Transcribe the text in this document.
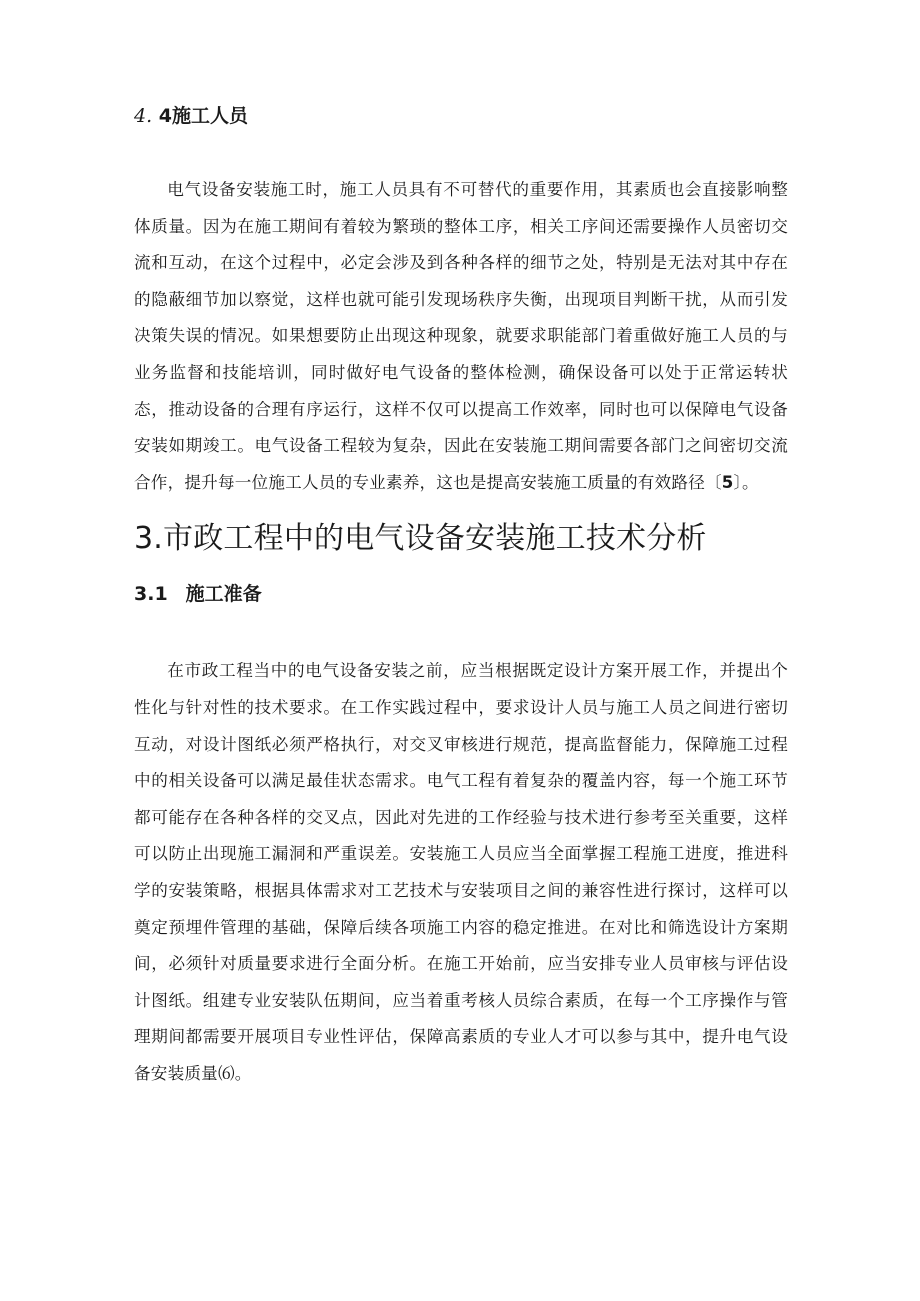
4. 4施工人员

电气设备安装施工时，施工人员具有不可替代的重要作用，其素质也会直接影响整体质量。因为在施工期间有着较为繁琐的整体工序，相关工序间还需要操作人员密切交流和互动，在这个过程中，必定会涉及到各种各样的细节之处，特别是无法对其中存在的隐蔽细节加以察觉，这样也就可能引发现场秩序失衡，出现项目判断干扰，从而引发决策失误的情况。如果想要防止出现这种现象，就要求职能部门着重做好施工人员的与业务监督和技能培训，同时做好电气设备的整体检测，确保设备可以处于正常运转状态，推动设备的合理有序运行，这样不仅可以提高工作效率，同时也可以保障电气设备安装如期竣工。电气设备工程较为复杂，因此在安装施工期间需要各部门之间密切交流合作，提升每一位施工人员的专业素养，这也是提高安装施工质量的有效路径〔5〕。

3.市政工程中的电气设备安装施工技术分析
3.1 施工准备

在市政工程当中的电气设备安装之前，应当根据既定设计方案开展工作，并提出个性化与针对性的技术要求。在工作实践过程中，要求设计人员与施工人员之间进行密切互动，对设计图纸必须严格执行，对交叉审核进行规范，提高监督能力，保障施工过程中的相关设备可以满足最佳状态需求。电气工程有着复杂的覆盖内容，每一个施工环节都可能存在各种各样的交叉点，因此对先进的工作经验与技术进行参考至关重要，这样可以防止出现施工漏洞和严重误差。安装施工人员应当全面掌握工程施工进度，推进科学的安装策略，根据具体需求对工艺技术与安装项目之间的兼容性进行探讨，这样可以奠定预埋件管理的基础，保障后续各项施工内容的稳定推进。在对比和筛选设计方案期间，必须针对质量要求进行全面分析。在施工开始前，应当安排专业人员审核与评估设计图纸。组建专业安装队伍期间，应当着重考核人员综合素质，在每一个工序操作与管理期间都需要开展项目专业性评估，保障高素质的专业人才可以参与其中，提升电气设备安装质量⑹。
